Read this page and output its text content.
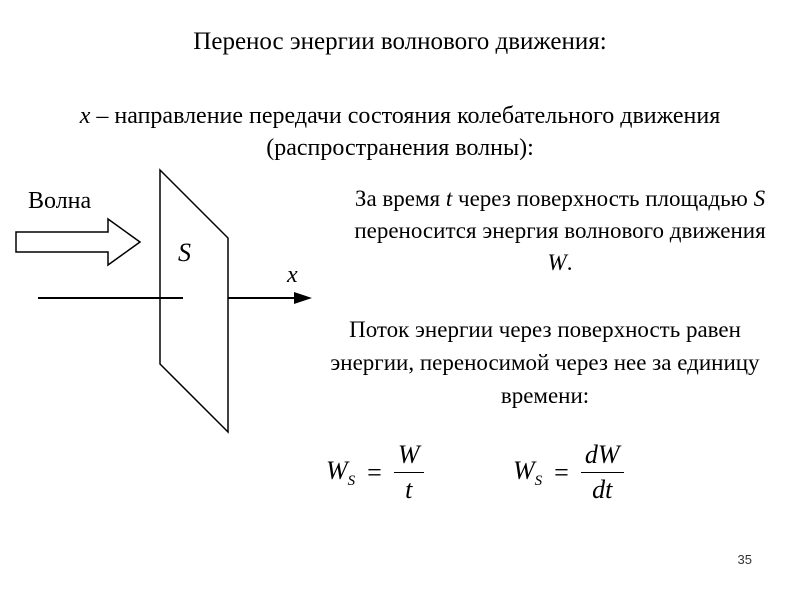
Перенос энергии волнового движения:
x – направление передачи состояния колебательного движения (распространения волны):
Волна
S
x
За время t через поверхность площадью S переносится энергия волнового движения W.
Поток энергии через поверхность равен энергии, переносимой через нее за единицу времени:
$W_S = \frac{W}{t}$	$W_S = \frac{dW}{dt}$
35
